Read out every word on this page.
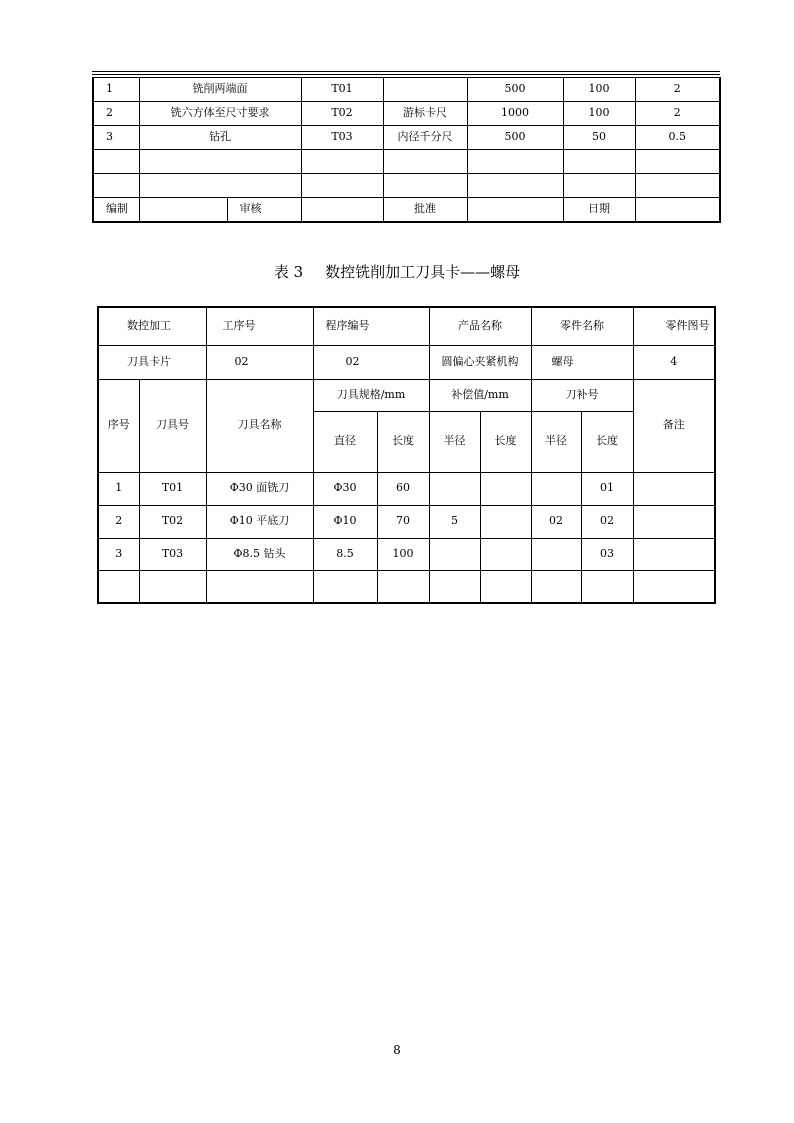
1	铣削两端面		T01		500	100	2
2	铣六方体至尺寸要求		T02	游标卡尺	1000	100	2
3	钻孔		T03	内径千分尺	500	50	0.5

编制		审核		批准		日期	
表 3 数控铣削加工刀具卡——螺母
数控加工		工序号	程序编号		产品名称		零件名称		零件图号
刀具卡片		02	02		圆偏心夹紧机构		螺母		4
序号	刀具号	刀具名称	刀具规格/mm		补偿值/mm		刀补号		备注
			直径	长度	半径	长度	半径	长度	
1	T01	Φ30 面铣刀	Φ30	60				01	
2	T02	Φ10 平底刀	Φ10	70	5		02	02	
3	T03	Φ8.5 钻头	8.5	100				03	

8
